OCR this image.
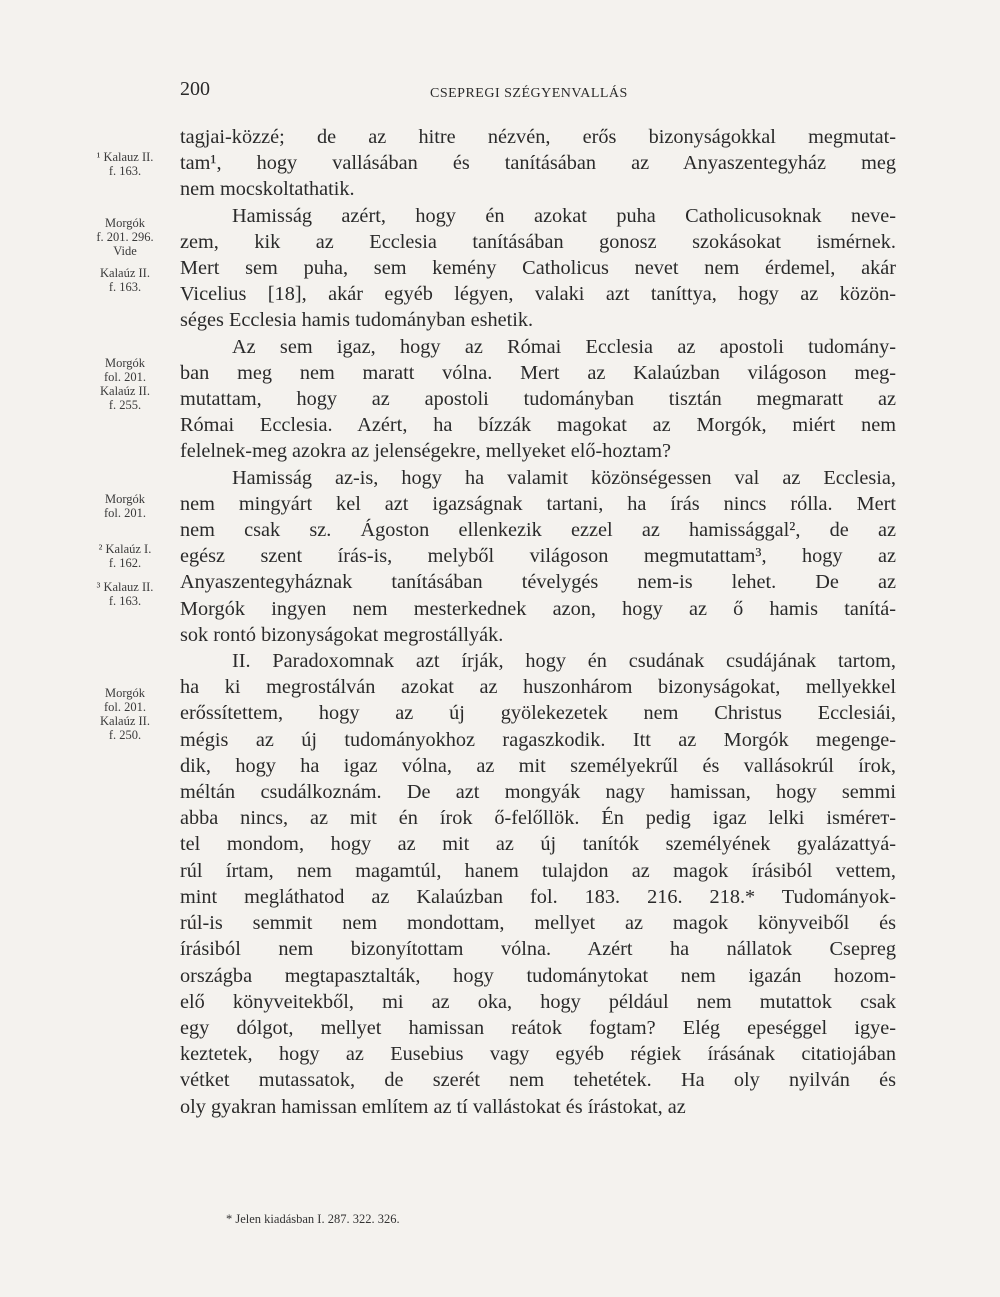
200	CSEPREGI SZÉGYENVALLÁS
¹ Kalauz II.
f. 163.
Morgók
f. 201. 296.
Vide
Kalaúz II.
f. 163.
Morgók
fol. 201.
Kalaúz II.
f. 255.
Morgók
fol. 201.
² Kalaúz I.
f. 162.
³ Kalauz II.
f. 163.
Morgók
fol. 201.
Kalaúz II.
f. 250.
tagjai-közzé; de az hitre nézvén, erős bizonyságokkal megmutat-
tam¹, hogy vallásában és tanításában az Anyaszentegyház meg
nem mocskoltathatik.
Hamisság azért, hogy én azokat puha Catholicusoknak neve-
zem, kik az Ecclesia tanításában gonosz szokásokat ismérnek.
Mert sem puha, sem kemény Catholicus nevet nem érdemel, akár
Vicelius [18], akár egyéb légyen, valaki azt taníttya, hogy az közön-
séges Ecclesia hamis tudományban eshetik.
Az sem igaz, hogy az Római Ecclesia az apostoli tudomány-
ban meg nem maratt vólna. Mert az Kalaúzban világoson meg-
mutattam, hogy az apostoli tudományban tisztán megmaratt az
Római Ecclesia. Azért, ha bízzák magokat az Morgók, miért nem
felelnek-meg azokra az jelenségekre, mellyeket elő-hoztam?
Hamisság az-is, hogy ha valamit közönségessen val az Ecclesia,
nem mingyárt kel azt igazságnak tartani, ha írás nincs rólla. Mert
nem csak sz. Ágoston ellenkezik ezzel az hamissággal², de az
egész szent írás-is, melyből világoson megmutattam³, hogy az
Anyaszentegyháznak tanításában tévelygés nem-is lehet. De az
Morgók ingyen nem mesterkednek azon, hogy az ő hamis tanítá-
sok rontó bizonyságokat megrostállyák.
II. Paradoxomnak azt írják, hogy én csudának csudájának tartom,
ha ki megrostálván azokat az huszonhárom bizonyságokat, mellyekkel
erőssítettem, hogy az új gyölekezetek nem Christus Ecclesiái,
mégis az új tudományokhoz ragaszkodik. Itt az Morgók megenge-
dik, hogy ha igaz vólna, az mit személyekrűl és vallásokrúl írok,
méltán csudálkoznám. De azt mongyák nagy hamissan, hogy semmi
abba nincs, az mit én írok ő-felőllök. Én pedig igaz lelki ismérет-
tel mondom, hogy az mit az új tanítók személyének gyalázattyá-
rúl írtam, nem magamtúl, hanem tulajdon az magok írásiból vettem,
mint megláthatod az Kalaúzban fol. 183. 216. 218.* Tudományok-
rúl-is semmit nem mondottam, mellyet az magok könyveiből és
írásiból nem bizonyítottam vólna. Azért ha nállatok Csepreg
országba megtapasztalták, hogy tudománytokat nem igazán hozom-
elő könyveitekből, mi az oka, hogy például nem mutattok csak
egy dólgot, mellyet hamissan reátok fogtam? Elég epeséggel igye-
keztetek, hogy az Eusebius vagy egyéb régiek írásának citatiojában
vétket mutassatok, de szerét nem tehetétek. Ha oly nyilván és
oly gyakran hamissan említem az tí vallástokat és írástokat, az
* Jelen kiadásban I. 287. 322. 326.
